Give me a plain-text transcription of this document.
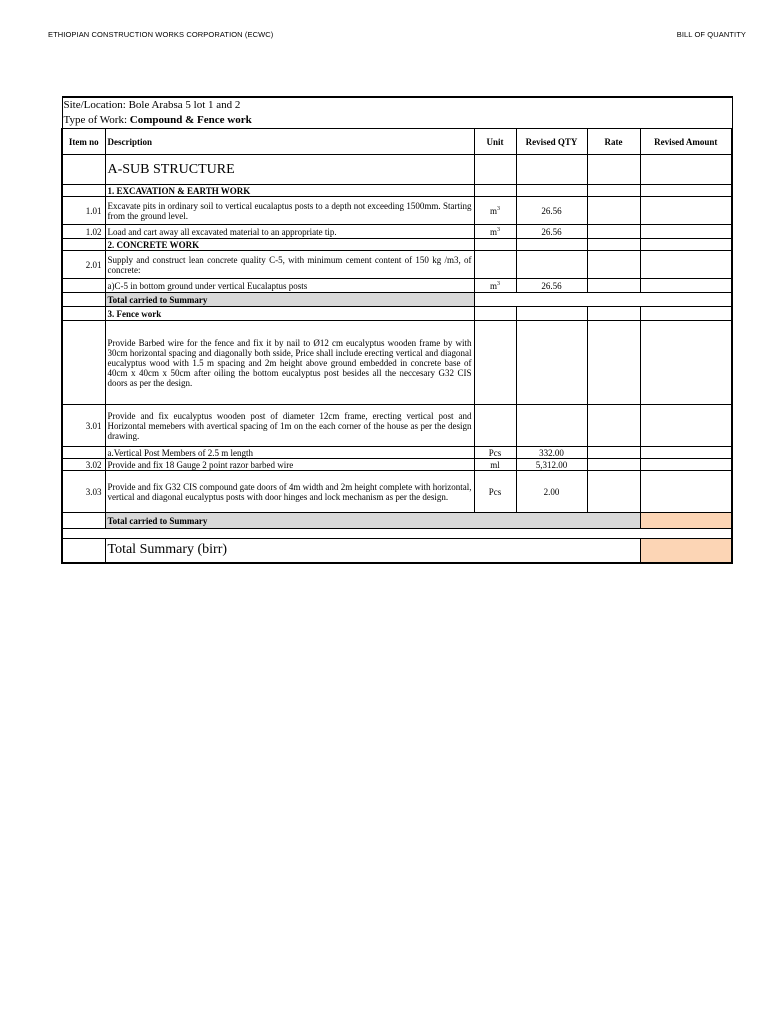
ETHIOPIAN CONSTRUCTION WORKS CORPORATION (ECWC)	BILL OF QUANTITY
Site/Location: Bole Arabsa 5 lot 1 and 2					
Type of Work: Compound & Fence work					
Item no	Description	Unit	Revised QTY	Rate	Revised Amount
	A-SUB STRUCTURE				
	1. EXCAVATION & EARTH WORK				
1.01	Excavate pits in ordinary soil to vertical eucalaptus posts to a depth not exceeding 1500mm. Starting from the ground level.	$m^3$	26.56		
1.02	Load and cart away all excavated material to an appropriate tip.	$m^3$	26.56		
	2. CONCRETE WORK				
2.01	Supply and construct lean concrete quality C-5, with minimum cement content of 150 kg /m3, of concrete:				
	a)C-5 in bottom ground under vertical Eucalaptus posts	$m^3$	26.56		
	Total carried to Summary				
	3. Fence work				
	Provide Barbed wire for the fence and fix it by nail to Ø12 cm eucalyptus wooden frame by with 30cm horizontal spacing and diagonally both sside, Price shall include erecting vertical and diagonal eucalyptus wood with 1.5 m spacing and 2m height above ground embedded in concrete base of 40cm x 40cm x 50cm after oiling the bottom eucalyptus post besides all the neccesary G32 CIS doors as per the design.				
3.01	Provide and fix eucalyptus wooden post of diameter 12cm frame, erecting vertical post and Horizontal memebers with avertical spacing of 1m on the each corner of the house as per the design drawing.				
	a.Vertical Post Members of 2.5 m length	Pcs	332.00		
3.02	Provide and fix 18 Gauge 2 point razor barbed wire	ml	5,312.00		
3.03	Provide and fix G32 CIS compound gate doors of 4m width and 2m height complete with horizontal, vertical and diagonal eucalyptus posts with door hinges and lock mechanism as per the design.	Pcs	2.00		
	Total carried to Summary				

	Total Summary (birr)				
